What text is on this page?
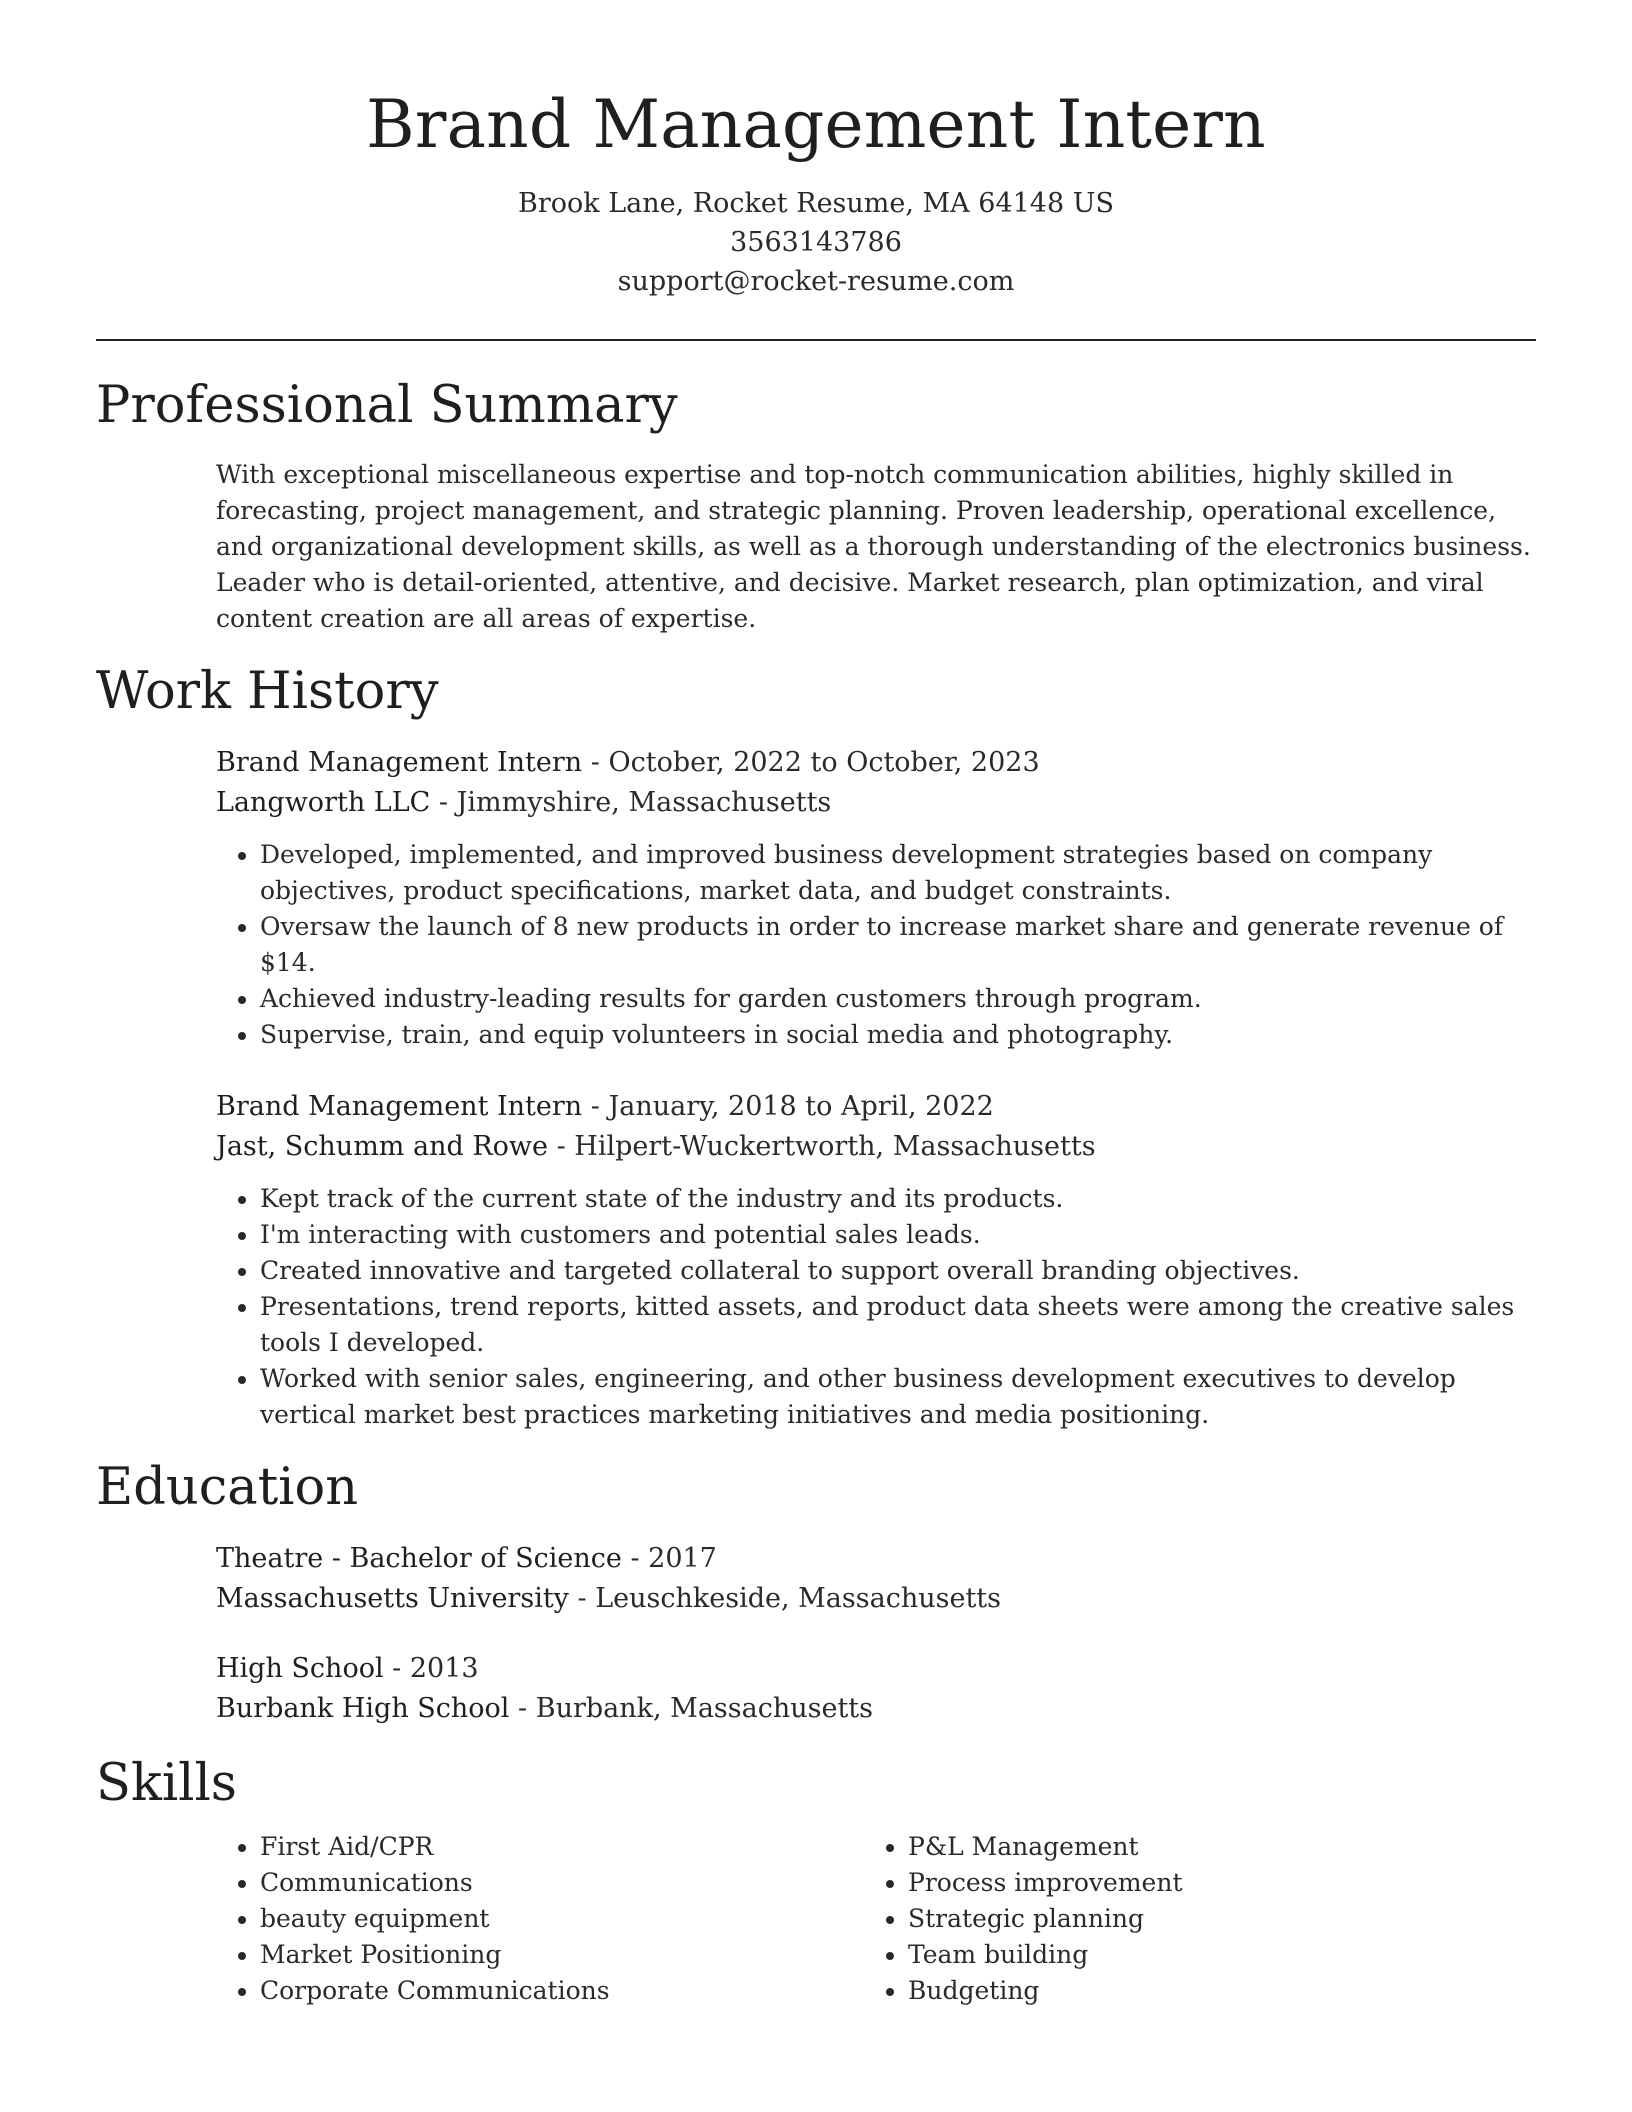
Brand Management Intern
Brook Lane, Rocket Resume, MA 64148 US
3563143786
support@rocket-resume.com
Professional Summary
With exceptional miscellaneous expertise and top-notch communication abilities, highly skilled in forecasting, project management, and strategic planning. Proven leadership, operational excellence, and organizational development skills, as well as a thorough understanding of the electronics business. Leader who is detail-oriented, attentive, and decisive. Market research, plan optimization, and viral content creation are all areas of expertise.
Work History
Brand Management Intern - October, 2022 to October, 2023
Langworth LLC - Jimmyshire, Massachusetts
• Developed, implemented, and improved business development strategies based on company objectives, product specifications, market data, and budget constraints.
• Oversaw the launch of 8 new products in order to increase market share and generate revenue of $14.
• Achieved industry-leading results for garden customers through program.
• Supervise, train, and equip volunteers in social media and photography.
Brand Management Intern - January, 2018 to April, 2022
Jast, Schumm and Rowe - Hilpert-Wuckertworth, Massachusetts
• Kept track of the current state of the industry and its products.
• I'm interacting with customers and potential sales leads.
• Created innovative and targeted collateral to support overall branding objectives.
• Presentations, trend reports, kitted assets, and product data sheets were among the creative sales tools I developed.
• Worked with senior sales, engineering, and other business development executives to develop vertical market best practices marketing initiatives and media positioning.
Education
Theatre - Bachelor of Science - 2017
Massachusetts University - Leuschkeside, Massachusetts
High School - 2013
Burbank High School - Burbank, Massachusetts
Skills
• First Aid/CPR
• Communications
• beauty equipment
• Market Positioning
• Corporate Communications
• P&L Management
• Process improvement
• Strategic planning
• Team building
• Budgeting
